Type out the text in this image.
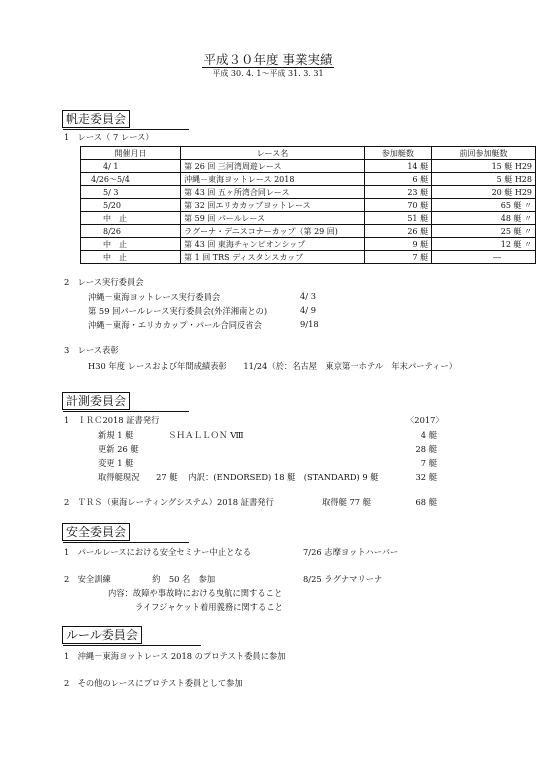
平成３０年度 事業実績
平成 30. 4. 1～平成 31. 3. 31
帆走委員会
1　レース（ 7 レース）
開催月日	レース名	参加艇数	前回参加艇数
4/ 1	第 26 回 三河湾周遊レース	14 艇	15 艇 H29
4/26～5/4	沖縄－東海ヨットレース 2018	6 艇	5 艇 H28
5/ 3	第 43 回 五ヶ所湾合同レース	23 艇	20 艇 H29
5/20	第 32 回エリカカップヨットレース	70 艇	65 艇 〃
中　止	第 59 回 パールレース	51 艇	48 艇 〃
8/26	ラグーナ・デニスコナーカップ（第 29 回)	26 艇	25 艇 〃
中　止	第 43 回 東海チャンピオンシップ	9 艇	12 艇 〃
中　止	第 1 回 TRS ディスタンスカップ	7 艇	―
2　レース実行委員会
沖縄－東海ヨットレース実行委員会	4/ 3
第 59 回パールレース実行委員会(外洋湘南との)	4/ 9
沖縄－東海・エリカカップ・パール合同反省会	9/18
3　レース表彰
H30 年度 レースおよび年間成績表彰　　11/24（於：名古屋　東京第一ホテル　年末パーティー）
計測委員会
1　ＩＲＣ2018 証書発行	〈2017〉
新規 1 艇	ＳＨＡＬＬＯＮ Ⅷ	4 艇
更新 26 艇	28 艇
変更 1 艇	7 艇
取得艇現況　　27 艇　 内訳：(ENDORSED) 18 艇　(STANDARD) 9 艇	32 艇
2　ＴＲＳ（東海レーティングシステム）2018 証書発行	取得艇 77 艇	68 艇
安全委員会
1　パールレースにおける安全セミナー中止となる	7/26 志摩ヨットハーバー
2　安全訓練　　　　　約　50 名　参加	8/25 ラグナマリーナ
内容：故障や事故時における曳航に関すること
ライフジャケット着用義務に関すること
ルール委員会
1　沖縄－東海ヨットレース 2018 のプロテスト委員に参加
2　その他のレースにプロテスト委員として参加
